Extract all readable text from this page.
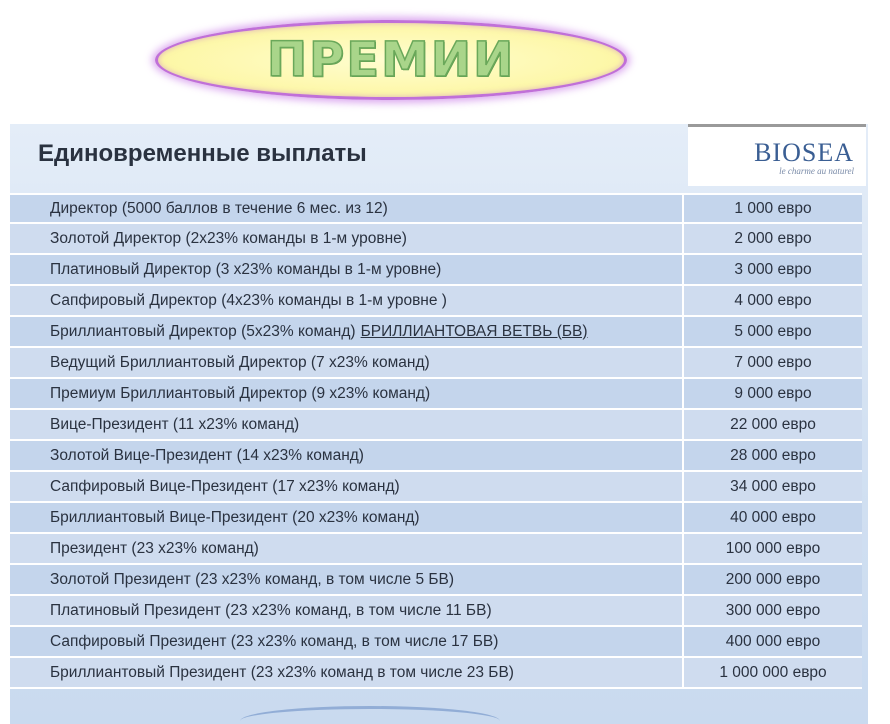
ПРЕМИИ
Единовременные выплаты	BIOSEA
le charme au naturel
Директор (5000 баллов в течение 6 мес. из 12)	1 000 евро
Золотой Директор (2х23% команды в 1-м уровне)	2 000 евро
Платиновый Директор (3 х23% команды в 1-м уровне)	3 000 евро
Сапфировый Директор (4х23% команды в 1-м уровне )	4 000 евро
Бриллиантовый Директор (5х23% команд) БРИЛЛИАНТОВАЯ ВЕТВЬ (БВ)	5 000 евро
Ведущий Бриллиантовый Директор (7 х23% команд)	7 000 евро
Премиум Бриллиантовый Директор (9 х23% команд)	9 000 евро
Вице-Президент (11 х23% команд)	22 000 евро
Золотой Вице-Президент (14 х23% команд)	28 000 евро
Сапфировый Вице-Президент (17 х23% команд)	34 000 евро
Бриллиантовый Вице-Президент (20 х23% команд)	40 000 евро
Президент (23 х23% команд)	100 000 евро
Золотой Президент (23 х23% команд, в том числе 5 БВ)	200 000 евро
Платиновый Президент (23 х23% команд, в том числе 11 БВ)	300 000 евро
Сапфировый Президент (23 х23% команд, в том числе 17 БВ)	400 000 евро
Бриллиантовый Президент (23 х23% команд в том числе 23 БВ)	1 000 000 евро
